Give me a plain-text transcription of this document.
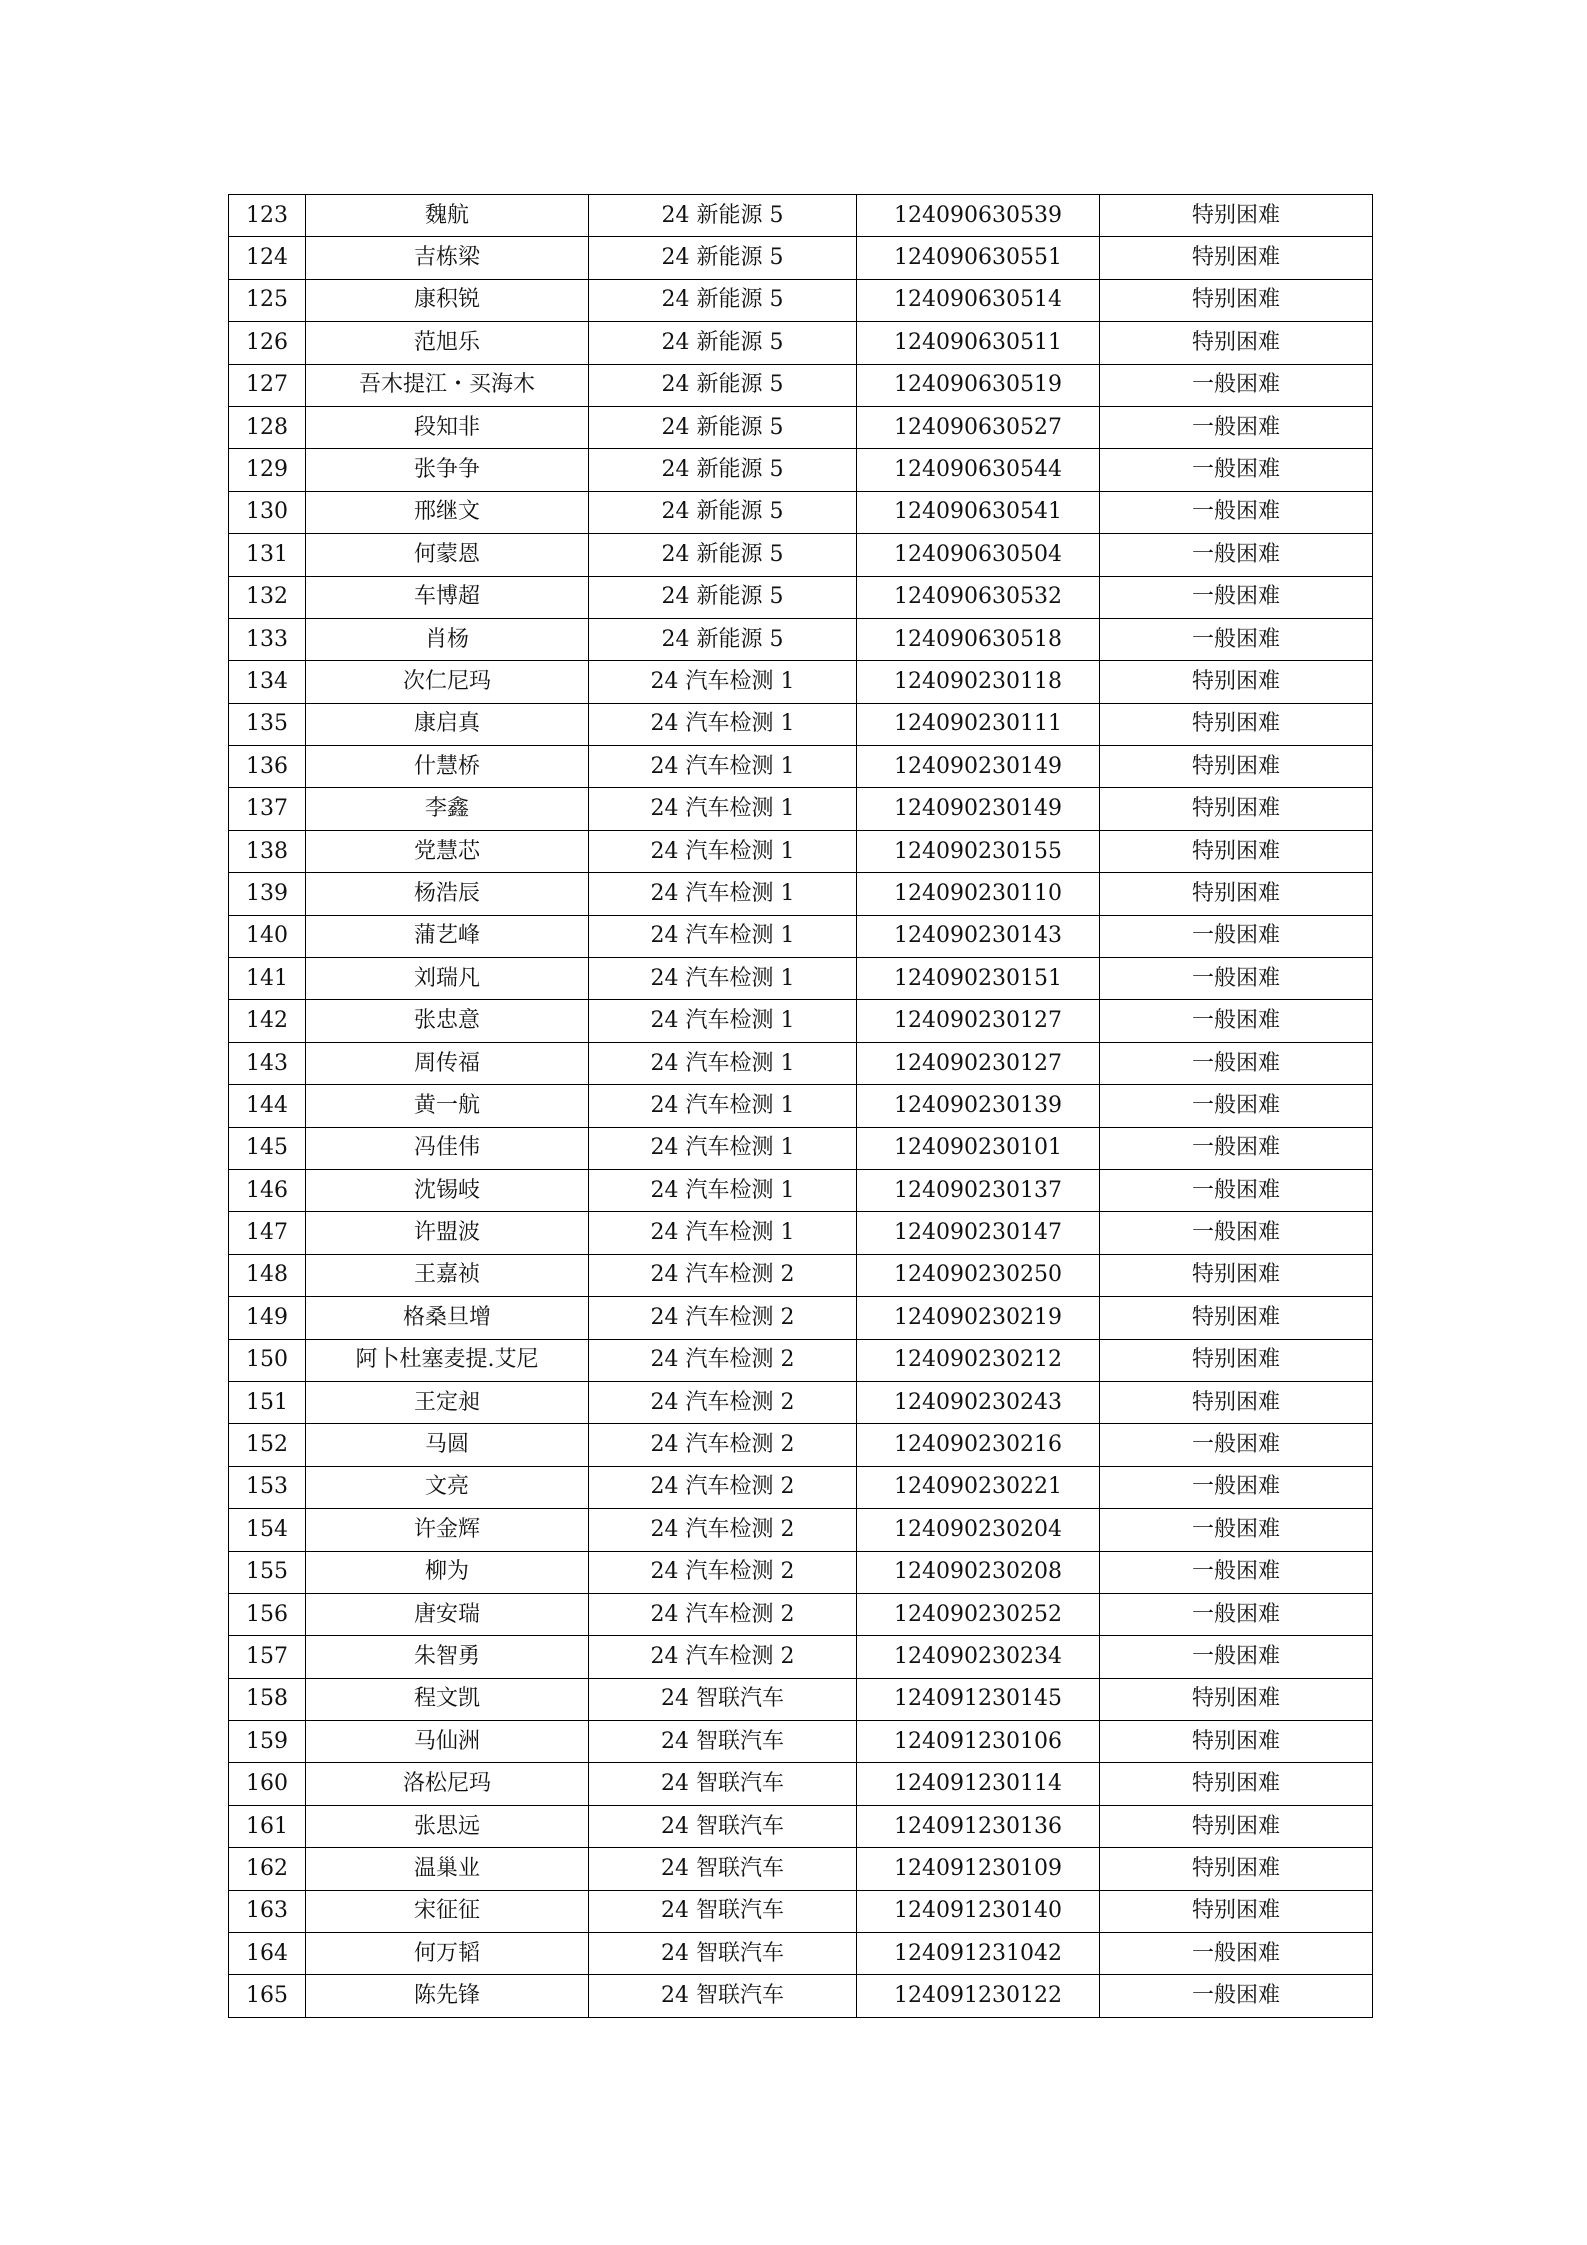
123	魏航	24 新能源 5	124090630539	特别困难
124	吉栋梁	24 新能源 5	124090630551	特别困难
125	康积锐	24 新能源 5	124090630514	特别困难
126	范旭乐	24 新能源 5	124090630511	特别困难
127	吾木提江・买海木	24 新能源 5	124090630519	一般困难
128	段知非	24 新能源 5	124090630527	一般困难
129	张争争	24 新能源 5	124090630544	一般困难
130	邢继文	24 新能源 5	124090630541	一般困难
131	何蒙恩	24 新能源 5	124090630504	一般困难
132	车博超	24 新能源 5	124090630532	一般困难
133	肖杨	24 新能源 5	124090630518	一般困难
134	次仁尼玛	24 汽车检测 1	124090230118	特别困难
135	康启真	24 汽车检测 1	124090230111	特别困难
136	什慧桥	24 汽车检测 1	124090230149	特别困难
137	李鑫	24 汽车检测 1	124090230149	特别困难
138	党慧芯	24 汽车检测 1	124090230155	特别困难
139	杨浩辰	24 汽车检测 1	124090230110	特别困难
140	蒲艺峰	24 汽车检测 1	124090230143	一般困难
141	刘瑞凡	24 汽车检测 1	124090230151	一般困难
142	张忠意	24 汽车检测 1	124090230127	一般困难
143	周传福	24 汽车检测 1	124090230127	一般困难
144	黄一航	24 汽车检测 1	124090230139	一般困难
145	冯佳伟	24 汽车检测 1	124090230101	一般困难
146	沈锡岐	24 汽车检测 1	124090230137	一般困难
147	许盟波	24 汽车检测 1	124090230147	一般困难
148	王嘉祯	24 汽车检测 2	124090230250	特别困难
149	格桑旦增	24 汽车检测 2	124090230219	特别困难
150	阿卜杜塞麦提.艾尼	24 汽车检测 2	124090230212	特别困难
151	王定昶	24 汽车检测 2	124090230243	特别困难
152	马圆	24 汽车检测 2	124090230216	一般困难
153	文亮	24 汽车检测 2	124090230221	一般困难
154	许金辉	24 汽车检测 2	124090230204	一般困难
155	柳为	24 汽车检测 2	124090230208	一般困难
156	唐安瑞	24 汽车检测 2	124090230252	一般困难
157	朱智勇	24 汽车检测 2	124090230234	一般困难
158	程文凯	24 智联汽车	124091230145	特别困难
159	马仙洲	24 智联汽车	124091230106	特别困难
160	洛松尼玛	24 智联汽车	124091230114	特别困难
161	张思远	24 智联汽车	124091230136	特别困难
162	温巢业	24 智联汽车	124091230109	特别困难
163	宋征征	24 智联汽车	124091230140	特别困难
164	何万韬	24 智联汽车	124091231042	一般困难
165	陈先锋	24 智联汽车	124091230122	一般困难
